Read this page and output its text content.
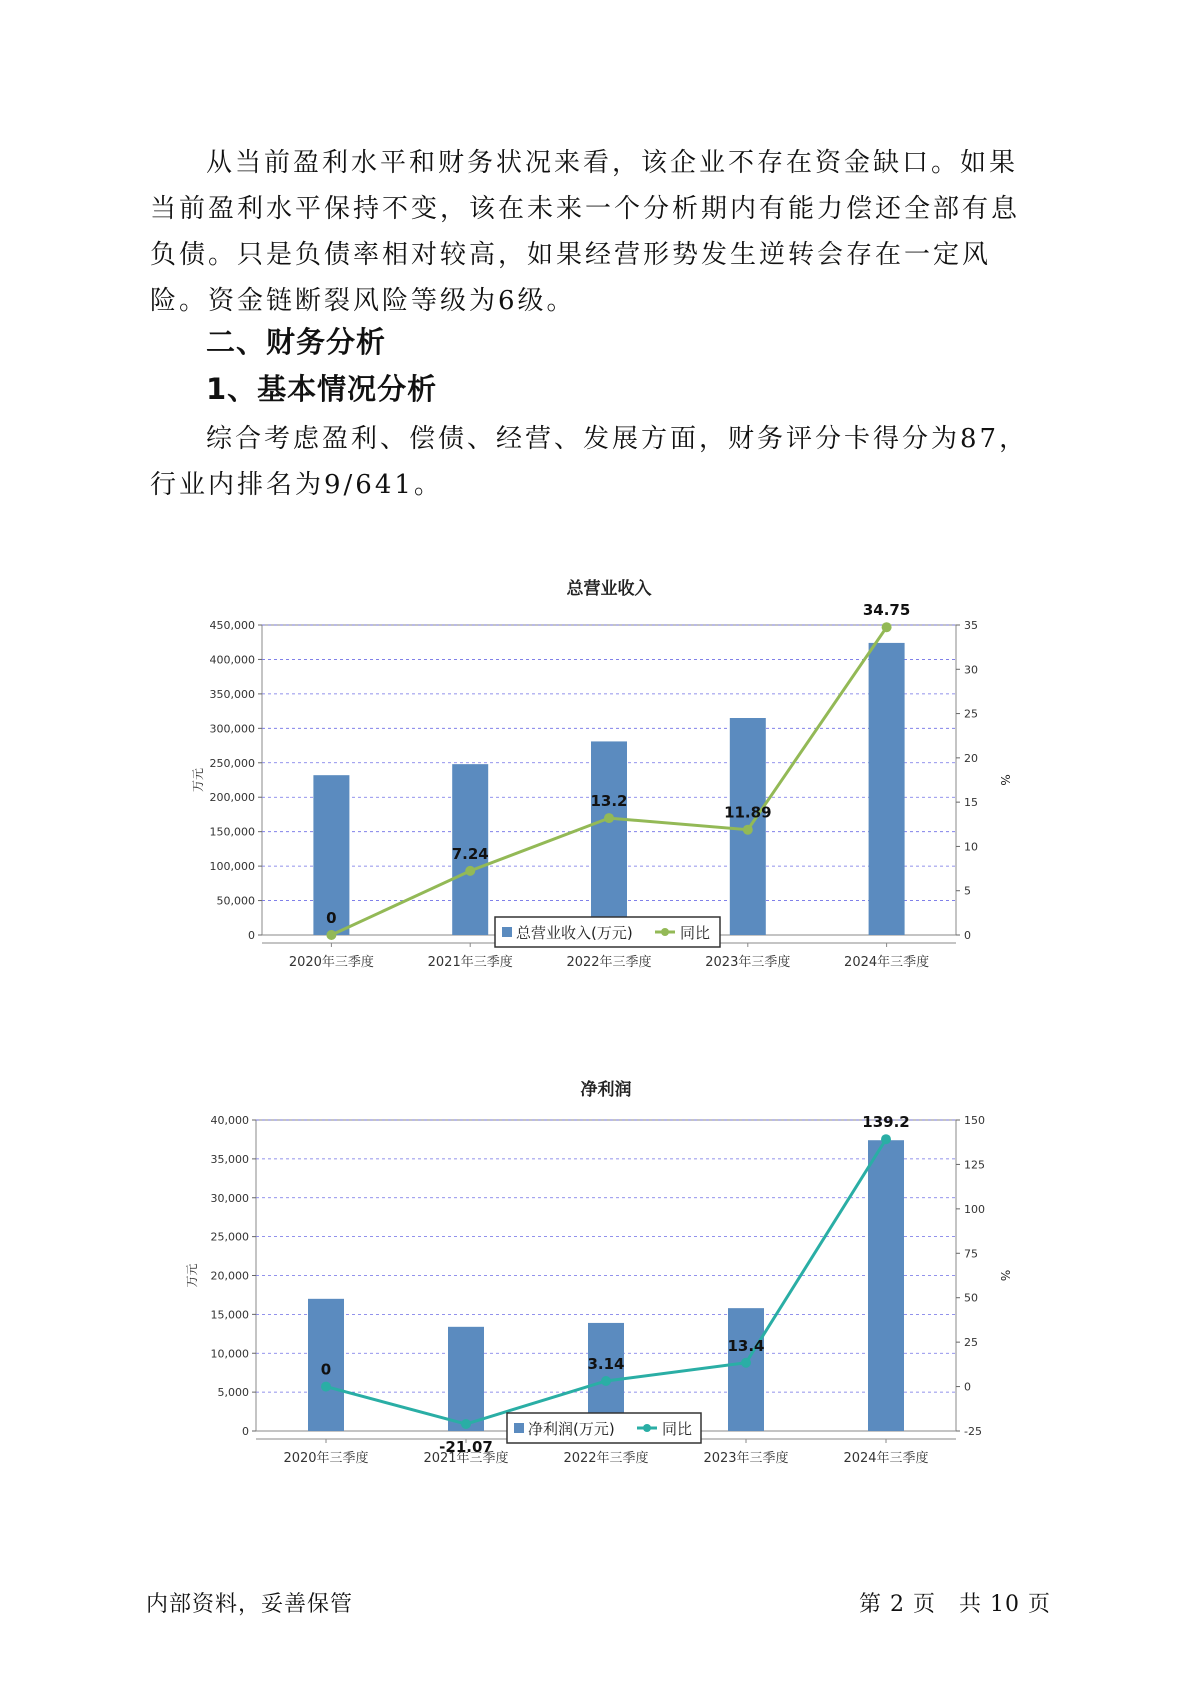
从当前盈利水平和财务状况来看，该企业不存在资金缺口。如果当前盈利水平保持不变，该在未来一个分析期内有能力偿还全部有息负债。只是负债率相对较高，如果经营形势发生逆转会存在一定风险。资金链断裂风险等级为6级。

二、财务分析
1、基本情况分析

综合考虑盈利、偿债、经营、发展方面，财务评分卡得分为87，行业内排名为9/641。

总营业收入
0
50,000
100,000
150,000
200,000
250,000
300,000
350,000
400,000
450,000
0
5
10
15
20
25
30
35
万元	%
2020年三季度	2021年三季度	2022年三季度	2023年三季度	2024年三季度
0
7.24
13.2
11.89
34.75
总营业收入(万元)	同比
净利润
0
5,000
10,000
15,000
20,000
25,000
30,000
35,000
40,000
-25
0
25
50
75
100
125
150
万元	%
2020年三季度	2021年三季度	2022年三季度	2023年三季度	2024年三季度
0
-21.07
3.14
13.4
139.2
净利润(万元)	同比
内部资料，妥善保管	第 2 页　共 10 页
